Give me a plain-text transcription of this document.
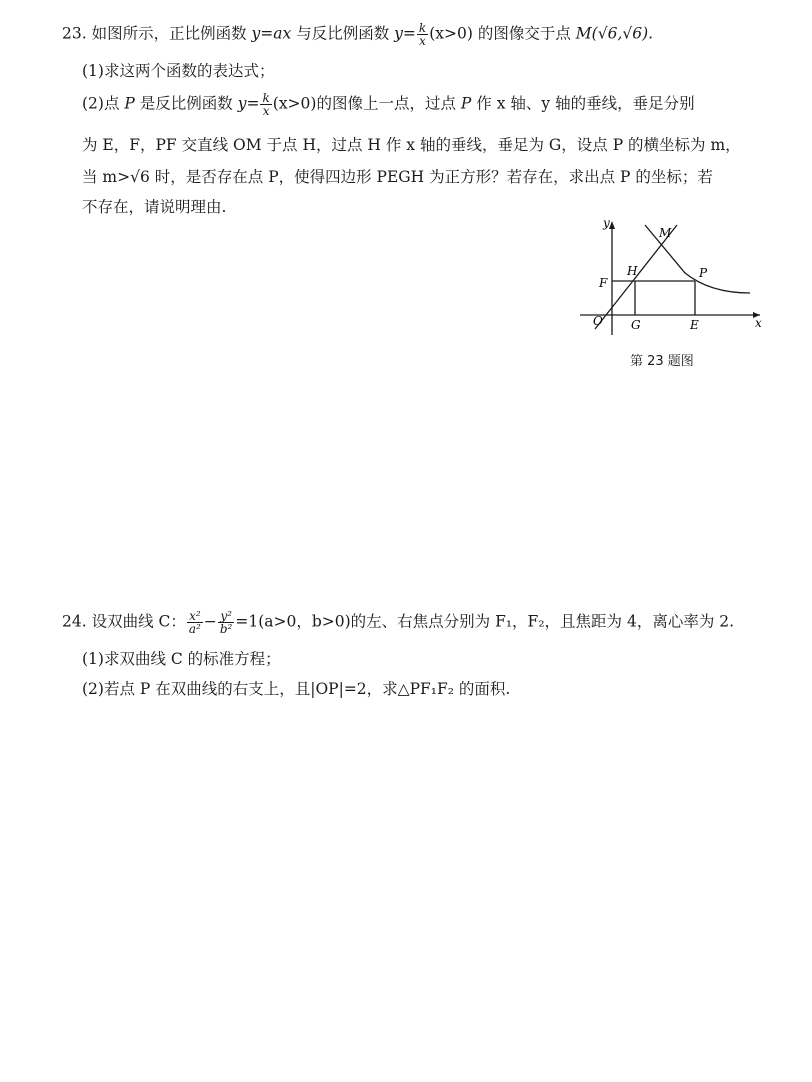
23. 如图所示，正比例函数 y=ax 与反比例函数 $y= \frac{k}{x} (x>0)$ 的图像交于点 M(√6,√6).
(1)求这两个函数的表达式；
(2)点 P 是反比例函数 $y= \frac{k}{x} (x>0)$的图像上一点，过点 P 作 x 轴、y 轴的垂线，垂足分别
为 E，F，PF 交直线 OM 于点 H，过点 H 作 x 轴的垂线，垂足为 G，设点 P 的横坐标为 m，
当 m>√6 时，是否存在点 P，使得四边形 PEGH 为正方形？若存在，求出点 P 的坐标；若
不存在，请说明理由.
y
M
H	P
F
O G	E	x
第 23 题图
24. 设双曲线 C： $\frac{\text{x²}}{\text{a²}} - \frac{\text{y²}}{\text{b²}} =1(a>0$，b>0)的左、右焦点分别为 F₁，F₂，且焦距为 4，离心率为 2.
(1)求双曲线 C 的标准方程；
(2)若点 P 在双曲线的右支上，且|OP|=2，求△PF₁F₂ 的面积.
